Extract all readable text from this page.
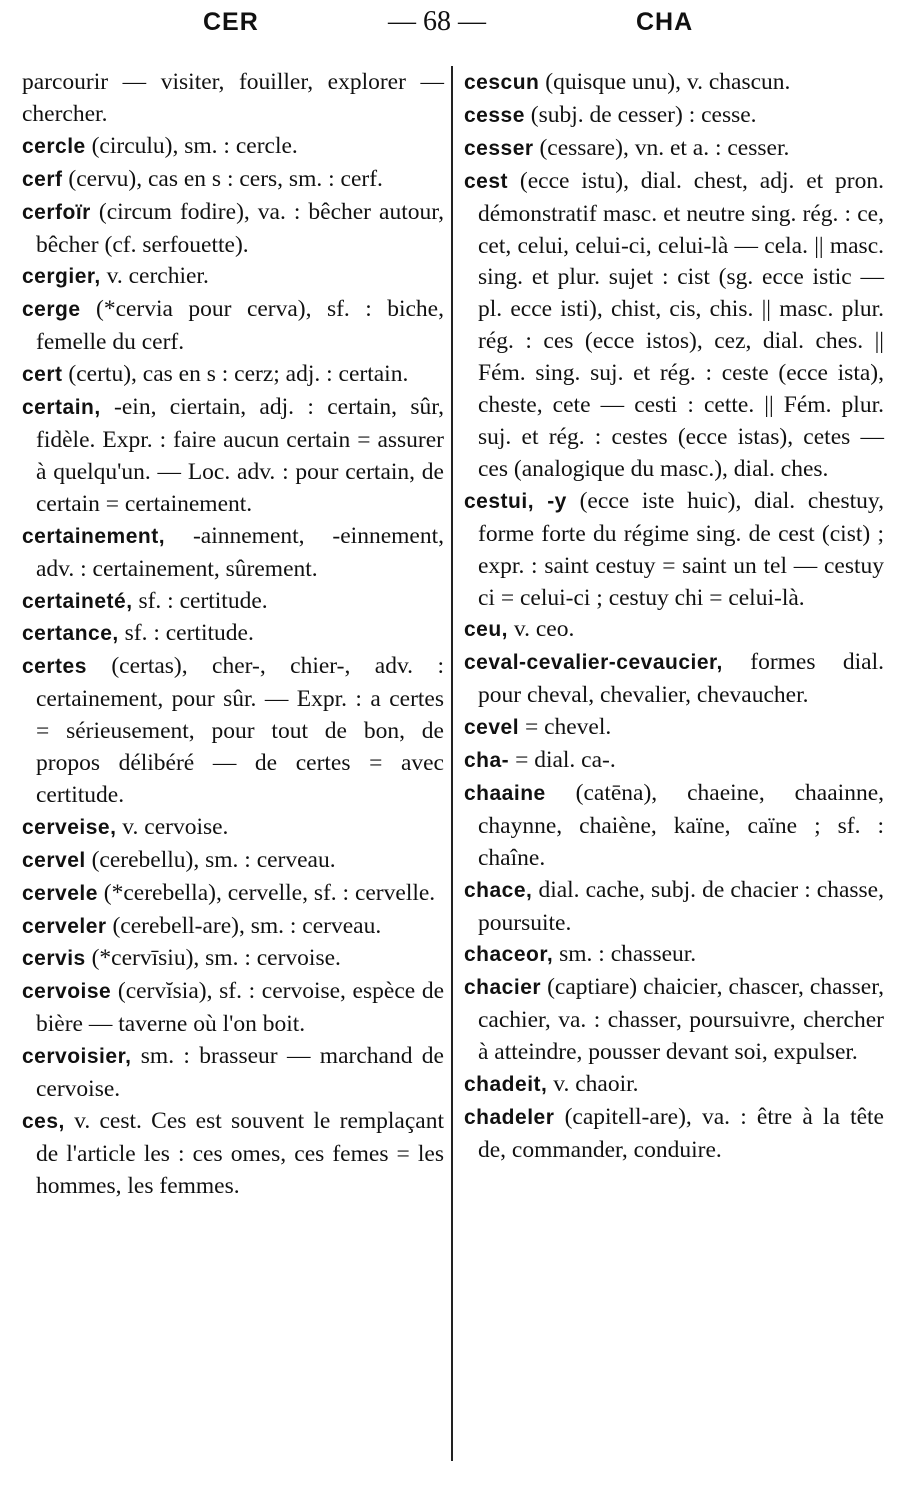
CER	— 68 —	CHA

parcourir — visiter, fouiller, explorer — chercher.

cercle (circulu), sm. : cercle.

cerf (cervu), cas en s : cers, sm. : cerf.

cerfoïr (circum fodire), va. : bêcher autour, bêcher (cf. serfouette).

cergier, v. cerchier.

cerge (*cervia pour cerva), sf. : biche, femelle du cerf.

cert (certu), cas en s : cerz; adj. : certain.

certain, -ein, ciertain, adj. : certain, sûr, fidèle. Expr. : faire aucun certain = assurer à quelqu'un. — Loc. adv. : pour certain, de certain = certainement.

certainement, -ainnement, -einnement, adv. : certainement, sûrement.

certaineté, sf. : certitude.

certance, sf. : certitude.

certes (certas), cher-, chier-, adv. : certainement, pour sûr. — Expr. : a certes = sérieusement, pour tout de bon, de propos délibéré — de certes = avec certitude.

cerveise, v. cervoise.

cervel (cerebellu), sm. : cerveau.

cervele (*cerebella), cervelle, sf. : cervelle.

cerveler (cerebell-are), sm. : cerveau.

cervis (*cervīsiu), sm. : cervoise.

cervoise (cervĭsia), sf. : cervoise, espèce de bière — taverne où l'on boit.

cervoisier, sm. : brasseur — marchand de cervoise.

ces, v. cest. Ces est souvent le remplaçant de l'article les : ces omes, ces femes = les hommes, les femmes.

cescun (quisque unu), v. chascun.

cesse (subj. de cesser) : cesse.

cesser (cessare), vn. et a. : cesser.

cest (ecce istu), dial. chest, adj. et pron. démonstratif masc. et neutre sing. rég. : ce, cet, celui, celui-ci, celui-là — cela. || masc. sing. et plur. sujet : cist (sg. ecce istic — pl. ecce isti), chist, cis, chis. || masc. plur. rég. : ces (ecce istos), cez, dial. ches. || Fém. sing. suj. et rég. : ceste (ecce ista), cheste, cete — cesti : cette. || Fém. plur. suj. et rég. : cestes (ecce istas), cetes — ces (analogique du masc.), dial. ches.

cestui, -y (ecce iste huic), dial. chestuy, forme forte du régime sing. de cest (cist) ; expr. : saint cestuy = saint un tel — cestuy ci = celui-ci ; cestuy chi = celui-là.

ceu, v. ceo.

ceval-cevalier-cevaucier, formes dial. pour cheval, chevalier, chevaucher.

cevel = chevel.

cha- = dial. ca-.

chaaine (catēna), chaeine, chaainne, chaynne, chaiène, kaïne, caïne ; sf. : chaîne.

chace, dial. cache, subj. de chacier : chasse, poursuite.

chaceor, sm. : chasseur.

chacier (captiare) chaicier, chascer, chasser, cachier, va. : chasser, poursuivre, chercher à atteindre, pousser devant soi, expulser.

chadeit, v. chaoir.

chadeler (capitell-are), va. : être à la tête de, commander, conduire.
